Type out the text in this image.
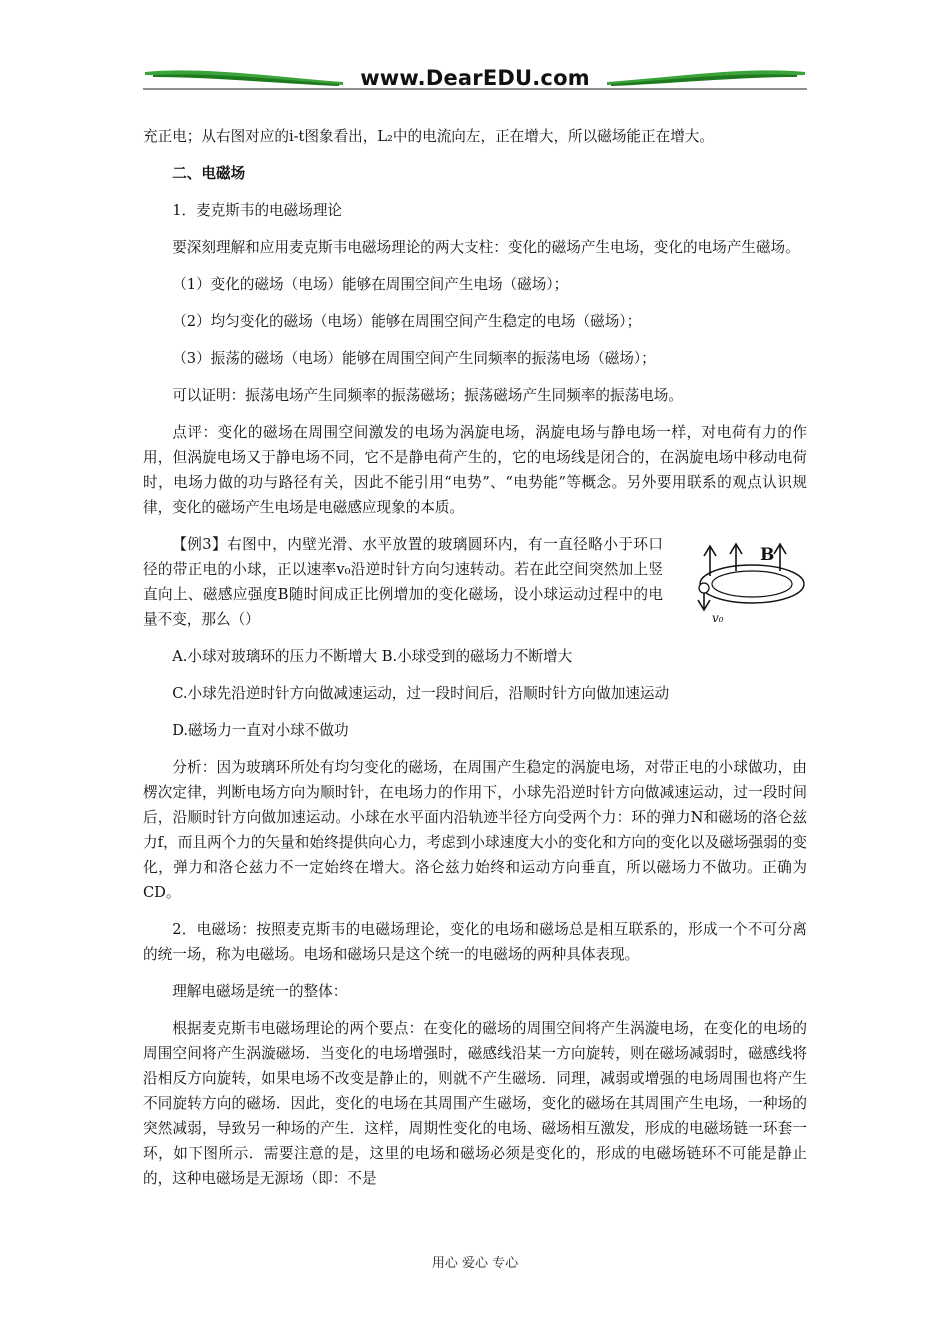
www.DearEDU.com

充正电；从右图对应的i-t图象看出，L₂中的电流向左，正在增大，所以磁场能正在增大。

二、电磁场

1．麦克斯韦的电磁场理论

要深刻理解和应用麦克斯韦电磁场理论的两大支柱：变化的磁场产生电场，变化的电场产生磁场。

（1）变化的磁场（电场）能够在周围空间产生电场（磁场）；

（2）均匀变化的磁场（电场）能够在周围空间产生稳定的电场（磁场）；

（3）振荡的磁场（电场）能够在周围空间产生同频率的振荡电场（磁场）；

可以证明：振荡电场产生同频率的振荡磁场；振荡磁场产生同频率的振荡电场。

点评：变化的磁场在周围空间激发的电场为涡旋电场，涡旋电场与静电场一样，对电荷有力的作用，但涡旋电场又于静电场不同，它不是静电荷产生的，它的电场线是闭合的，在涡旋电场中移动电荷时，电场力做的功与路径有关，因此不能引用“电势”、“电势能”等概念。另外要用联系的观点认识规律，变化的磁场产生电场是电磁感应现象的本质。

【例3】右图中，内壁光滑、水平放置的玻璃圆环内，有一直径略小于环口径的带正电的小球，正以速率v₀沿逆时针方向匀速转动。若在此空间突然加上竖直向上、磁感应强度B随时间成正比例增加的变化磁场，设小球运动过程中的电量不变，那么（）

B
v₀

A.小球对玻璃环的压力不断增大 B.小球受到的磁场力不断增大

C.小球先沿逆时针方向做减速运动，过一段时间后，沿顺时针方向做加速运动

D.磁场力一直对小球不做功

分析：因为玻璃环所处有均匀变化的磁场，在周围产生稳定的涡旋电场，对带正电的小球做功，由楞次定律，判断电场方向为顺时针，在电场力的作用下，小球先沿逆时针方向做减速运动，过一段时间后，沿顺时针方向做加速运动。小球在水平面内沿轨迹半径方向受两个力：环的弹力N和磁场的洛仑兹力f，而且两个力的矢量和始终提供向心力，考虑到小球速度大小的变化和方向的变化以及磁场强弱的变化，弹力和洛仑兹力不一定始终在增大。洛仑兹力始终和运动方向垂直，所以磁场力不做功。正确为CD。

2．电磁场：按照麦克斯韦的电磁场理论，变化的电场和磁场总是相互联系的，形成一个不可分离的统一场，称为电磁场。电场和磁场只是这个统一的电磁场的两种具体表现。

理解电磁场是统一的整体：

根据麦克斯韦电磁场理论的两个要点：在变化的磁场的周围空间将产生涡漩电场，在变化的电场的周围空间将产生涡漩磁场．当变化的电场增强时，磁感线沿某一方向旋转，则在磁场减弱时，磁感线将沿相反方向旋转，如果电场不改变是静止的，则就不产生磁场．同理，减弱或增强的电场周围也将产生不同旋转方向的磁场．因此，变化的电场在其周围产生磁场，变化的磁场在其周围产生电场，一种场的突然减弱，导致另一种场的产生．这样，周期性变化的电场、磁场相互激发，形成的电磁场链一环套一环，如下图所示．需要注意的是，这里的电场和磁场必须是变化的，形成的电磁场链环不可能是静止的，这种电磁场是无源场（即：不是

用心 爱心 专心
